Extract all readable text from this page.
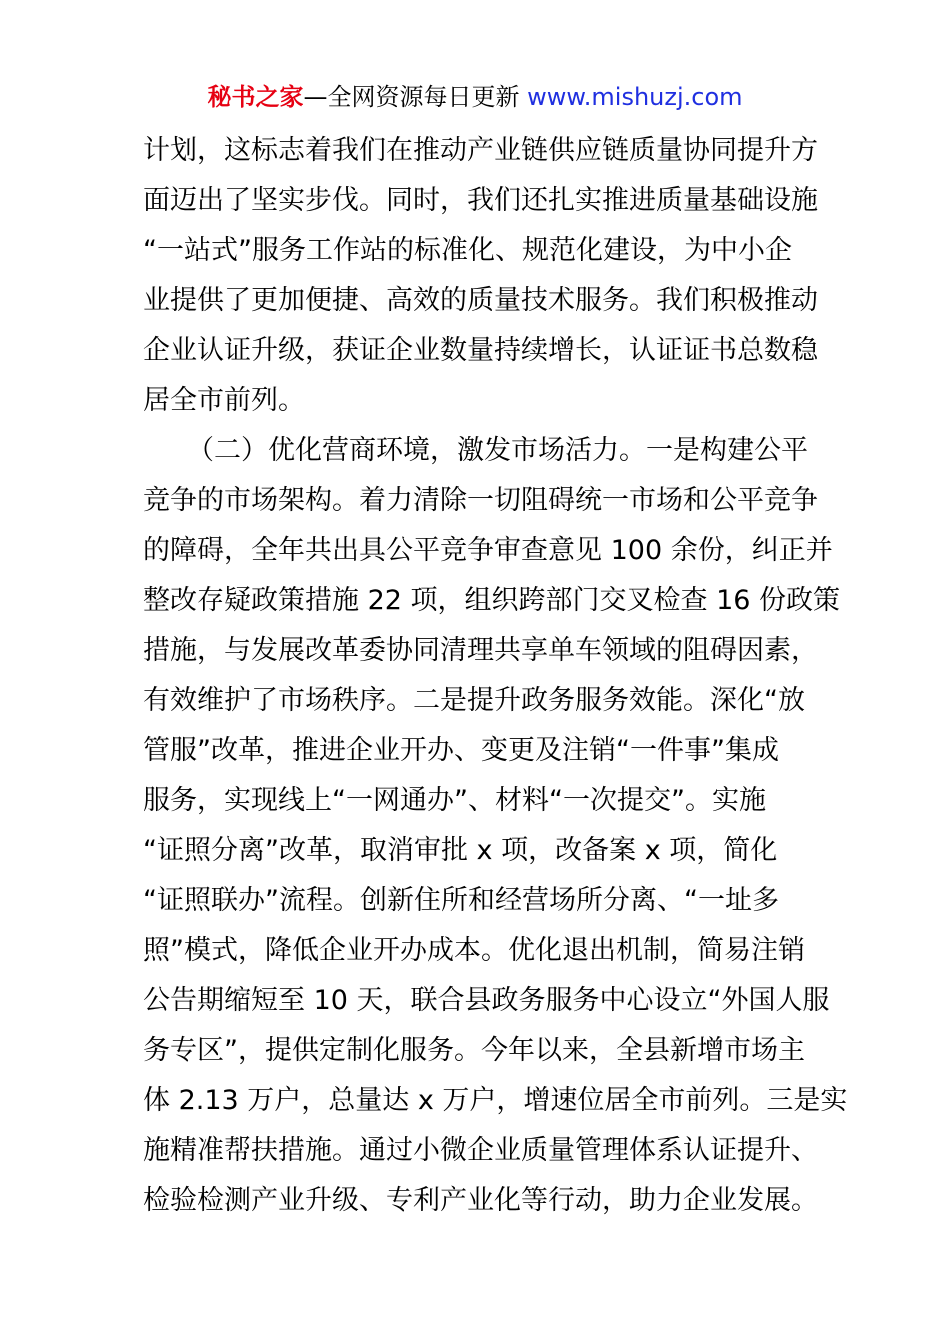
秘书之家—全网资源每日更新 www.mishuzj.com
计划，这标志着我们在推动产业链供应链质量协同提升方
面迈出了坚实步伐。同时，我们还扎实推进质量基础设施
“一站式”服务工作站的标准化、规范化建设，为中小企
业提供了更加便捷、高效的质量技术服务。我们积极推动
企业认证升级，获证企业数量持续增长，认证证书总数稳
居全市前列。
（二）优化营商环境，激发市场活力。一是构建公平
竞争的市场架构。着力清除一切阻碍统一市场和公平竞争
的障碍，全年共出具公平竞争审查意见 100 余份，纠正并
整改存疑政策措施 22 项，组织跨部门交叉检查 16 份政策
措施，与发展改革委协同清理共享单车领域的阻碍因素，
有效维护了市场秩序。二是提升政务服务效能。深化“放
管服”改革，推进企业开办、变更及注销“一件事”集成
服务，实现线上“一网通办”、材料“一次提交”。实施
“证照分离”改革，取消审批 x 项，改备案 x 项，简化
“证照联办”流程。创新住所和经营场所分离、“一址多
照”模式，降低企业开办成本。优化退出机制，简易注销
公告期缩短至 10 天，联合县政务服务中心设立“外国人服
务专区”，提供定制化服务。今年以来，全县新增市场主
体 2.13 万户，总量达 x 万户，增速位居全市前列。三是实
施精准帮扶措施。通过小微企业质量管理体系认证提升、
检验检测产业升级、专利产业化等行动，助力企业发展。
